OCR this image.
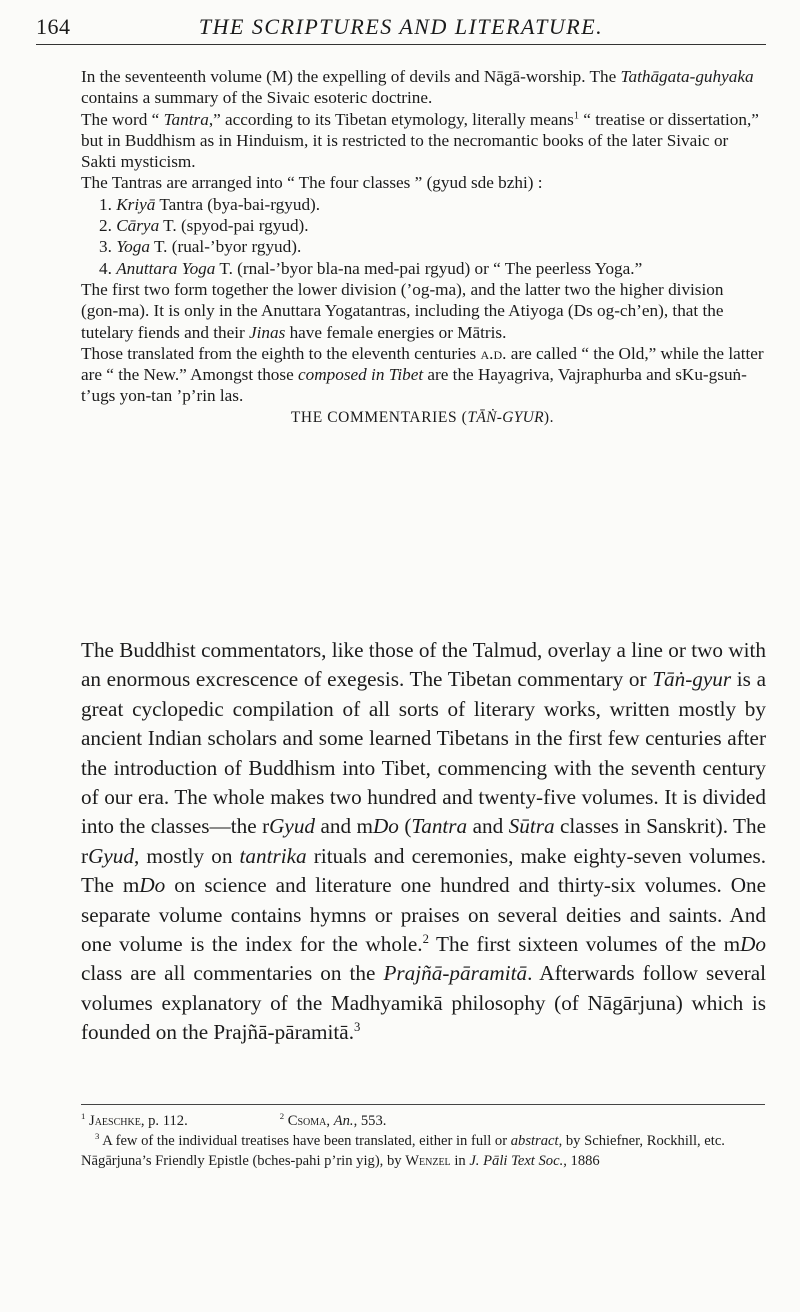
164	THE SCRIPTURES AND LITERATURE.

In the seventeenth volume (M) the expelling of devils and Nāgā-worship. The Tathāgata-guhyaka contains a summary of the Sivaic esoteric doctrine.

The word “ Tantra,” according to its Tibetan etymology, literally means$^1$ “ treatise or dissertation,” but in Buddhism as in Hinduism, it is restricted to the necromantic books of the later Sivaic or Sakti mysticism.

The Tantras are arranged into “ The four classes ” (gyud sde bzhi) :

1. Kriyā Tantra (bya-bai-rgyud).

2. Cārya T. (spyod-pai rgyud).

3. Yoga T. (rual-’byor rgyud).

4. Anuttara Yoga T. (rnal-’byor bla-na med-pai rgyud) or “ The peerless Yoga.”

The first two form together the lower division (’og-ma), and the latter two the higher division (gon-ma). It is only in the Anuttara Yogatantras, including the Atiyoga (Ds og-ch’en), that the tutelary fiends and their Jinas have female energies or Mātris.

Those translated from the eighth to the eleventh centuries a.d. are called “ the Old,” while the latter are “ the New.” Amongst those composed in Tibet are the Hayagriva, Vajraphurba and sKu-gsuṅ-t’ugs yon-tan ’p’rin las.

THE COMMENTARIES (TĀṄ-GYUR).

The Buddhist commentators, like those of the Talmud, overlay a line or two with an enormous excrescence of exegesis. The Tibetan commentary or Tāṅ-gyur is a great cyclopedic compilation of all sorts of literary works, written mostly by ancient Indian scholars and some learned Tibetans in the first few centuries after the introduction of Buddhism into Tibet, commencing with the seventh century of our era. The whole makes two hundred and twenty-five volumes. It is divided into the classes—the rGyud and mDo (Tantra and Sūtra classes in Sanskrit). The rGyud, mostly on tantrika rituals and ceremonies, make eighty-seven volumes. The mDo on science and literature one hundred and thirty-six volumes. One separate volume contains hymns or praises on several deities and saints. And one volume is the index for the whole.$^2$ The first sixteen volumes of the mDo class are all commentaries on the Prajñā-pāramitā. Afterwards follow several volumes explanatory of the Madhyamikā philosophy (of Nāgārjuna) which is founded on the Prajñā-pāramitā.$^3$

$^1$ Jaeschke, p. 112.	$^2$ Csoma, An., 553.

$^3$ A few of the individual treatises have been translated, either in full or abstract, by Schiefner, Rockhill, etc. Nāgārjuna’s Friendly Epistle (bches-pahi p’rin yig), by Wenzel in J. Pāli Text Soc., 1886
